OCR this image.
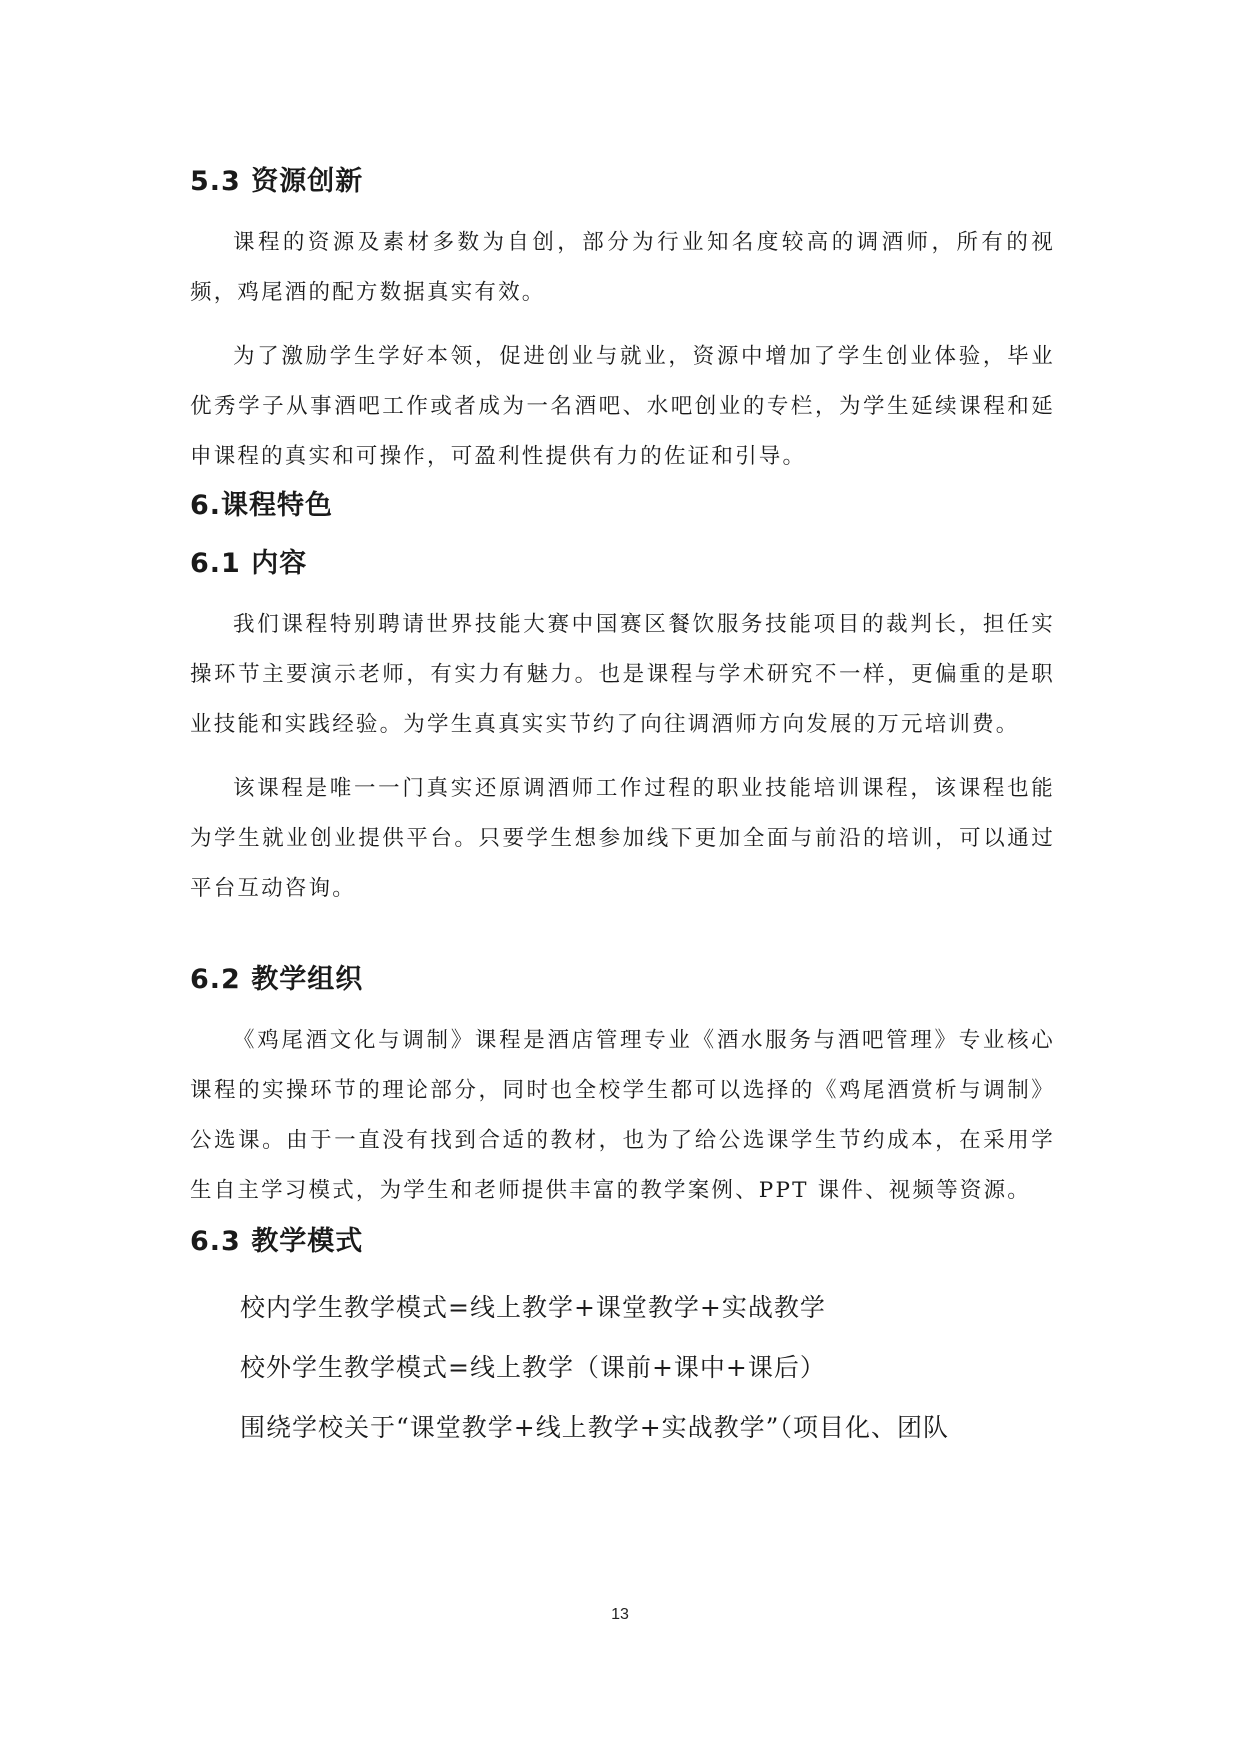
5.3 资源创新

课程的资源及素材多数为自创，部分为行业知名度较高的调酒师，所有的视频，鸡尾酒的配方数据真实有效。

为了激励学生学好本领，促进创业与就业，资源中增加了学生创业体验，毕业优秀学子从事酒吧工作或者成为一名酒吧、水吧创业的专栏，为学生延续课程和延申课程的真实和可操作，可盈利性提供有力的佐证和引导。

6.课程特色
6.1 内容

我们课程特别聘请世界技能大赛中国赛区餐饮服务技能项目的裁判长，担任实操环节主要演示老师，有实力有魅力。也是课程与学术研究不一样，更偏重的是职业技能和实践经验。为学生真真实实节约了向往调酒师方向发展的万元培训费。

该课程是唯一一门真实还原调酒师工作过程的职业技能培训课程，该课程也能为学生就业创业提供平台。只要学生想参加线下更加全面与前沿的培训，可以通过平台互动咨询。

6.2 教学组织

《鸡尾酒文化与调制》课程是酒店管理专业《酒水服务与酒吧管理》专业核心课程的实操环节的理论部分，同时也全校学生都可以选择的《鸡尾酒赏析与调制》公选课。由于一直没有找到合适的教材，也为了给公选课学生节约成本，在采用学生自主学习模式，为学生和老师提供丰富的教学案例、PPT 课件、视频等资源。

6.3 教学模式

校内学生教学模式=线上教学+课堂教学+实战教学

校外学生教学模式=线上教学（课前+课中+课后）

围绕学校关于“课堂教学+线上教学+实战教学”（项目化、团队

13
